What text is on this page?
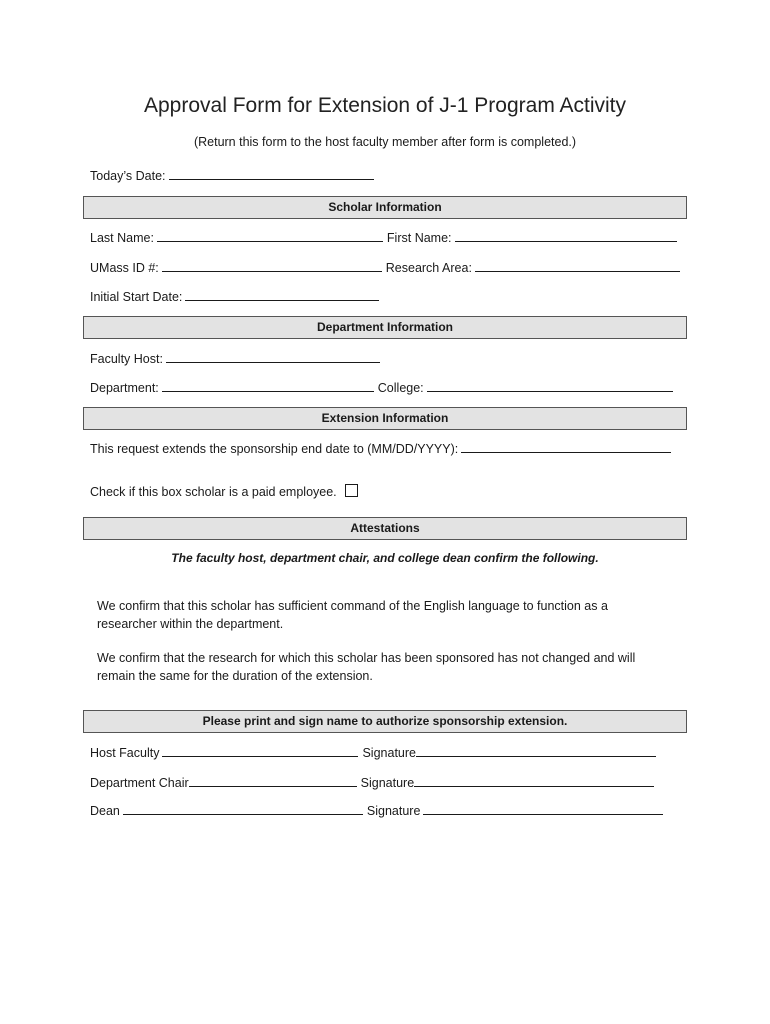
Approval Form for Extension of J-1 Program Activity
(Return this form to the host faculty member after form is completed.)
Today’s Date:
Scholar Information
Last Name:	First Name:
UMass ID #:	Research Area:
Initial Start Date:
Department Information
Faculty Host:
Department:	College:
Extension Information
This request extends the sponsorship end date to (MM/DD/YYYY):
Check if this box scholar is a paid employee.
Attestations
The faculty host, department chair, and college dean confirm the following.
We confirm that this scholar has sufficient command of the English language to function as a researcher within the department.
We confirm that the research for which this scholar has been sponsored has not changed and will remain the same for the duration of the extension.
Please print and sign name to authorize sponsorship extension.
Host Faculty	Signature
Department Chair	Signature
Dean	Signature
